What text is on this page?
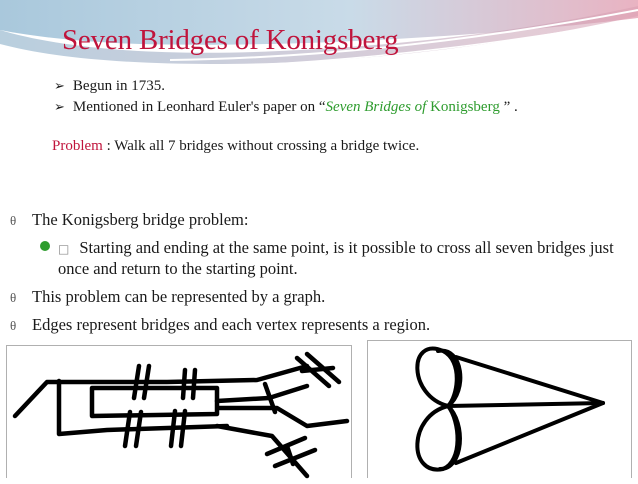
Seven Bridges of Konigsberg
➢ Begun in 1735.
➢ Mentioned in Leonhard Euler's paper on “Seven Bridges of Konigsberg ” .
Problem : Walk all 7 bridges without crossing a bridge twice.
θ The Konigsberg bridge problem:
□ Starting and ending at the same point, is it possible to cross all seven bridges just once and return to the starting point.
θ This problem can be represented by a graph.
θ Edges represent bridges and each vertex represents a region.
